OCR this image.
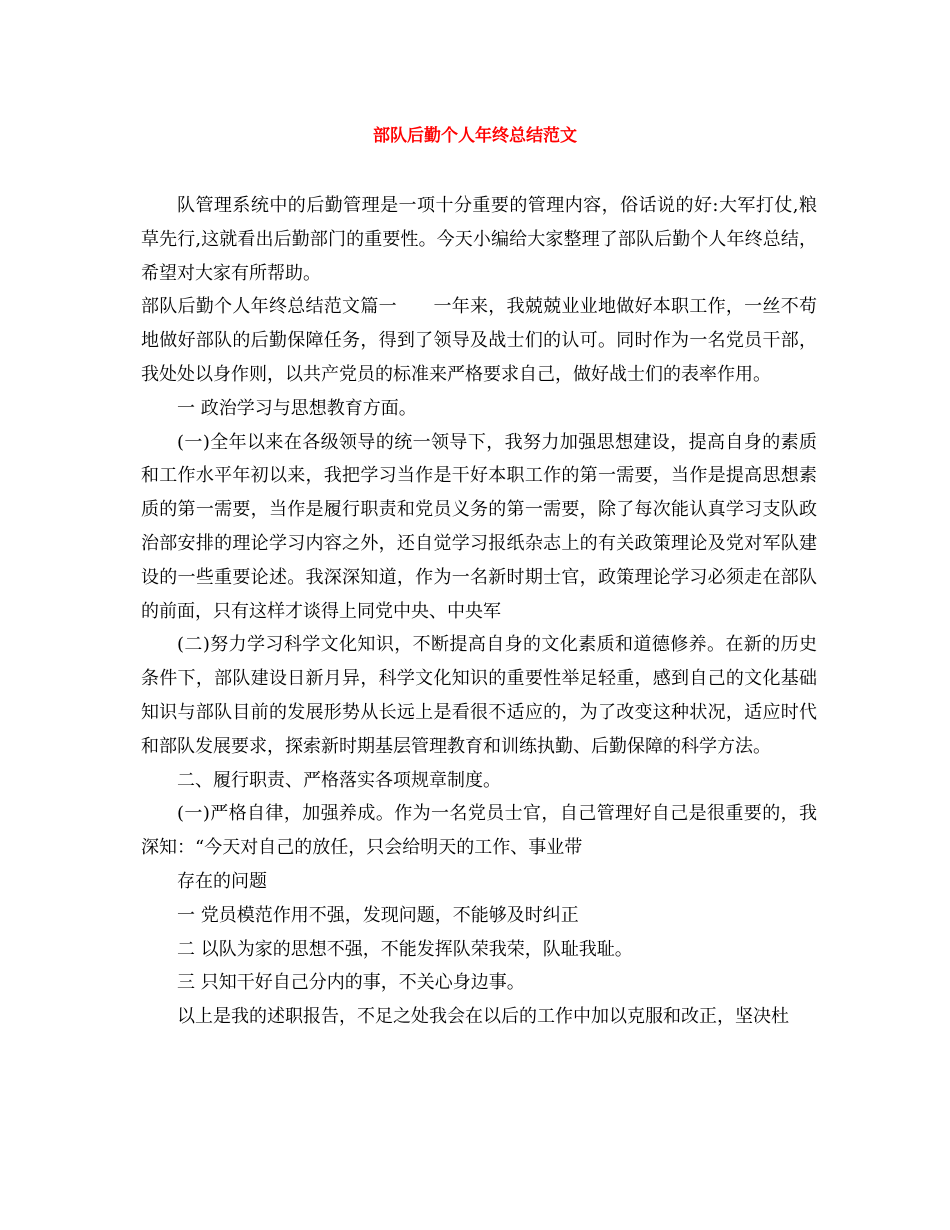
部队后勤个人年终总结范文

队管理系统中的后勤管理是一项十分重要的管理内容，俗话说的好:大军打仗,粮草先行,这就看出后勤部门的重要性。今天小编给大家整理了部队后勤个人年终总结，希望对大家有所帮助。

部队后勤个人年终总结范文篇一　　一年来，我兢兢业业地做好本职工作，一丝不苟地做好部队的后勤保障任务，得到了领导及战士们的认可。同时作为一名党员干部，我处处以身作则，以共产党员的标准来严格要求自己，做好战士们的表率作用。

一 政治学习与思想教育方面。

(一)全年以来在各级领导的统一领导下，我努力加强思想建设，提高自身的素质和工作水平年初以来，我把学习当作是干好本职工作的第一需要，当作是提高思想素质的第一需要，当作是履行职责和党员义务的第一需要，除了每次能认真学习支队政治部安排的理论学习内容之外，还自觉学习报纸杂志上的有关政策理论及党对军队建设的一些重要论述。我深深知道，作为一名新时期士官，政策理论学习必须走在部队的前面，只有这样才谈得上同党中央、中央军

(二)努力学习科学文化知识，不断提高自身的文化素质和道德修养。在新的历史条件下，部队建设日新月异，科学文化知识的重要性举足轻重，感到自己的文化基础知识与部队目前的发展形势从长远上是看很不适应的，为了改变这种状况，适应时代和部队发展要求，探索新时期基层管理教育和训练执勤、后勤保障的科学方法。

二、履行职责、严格落实各项规章制度。

(一)严格自律，加强养成。作为一名党员士官，自己管理好自己是很重要的，我深知：“今天对自己的放任，只会给明天的工作、事业带

存在的问题

一 党员模范作用不强，发现问题，不能够及时纠正

二 以队为家的思想不强，不能发挥队荣我荣，队耻我耻。

三 只知干好自己分内的事，不关心身边事。

以上是我的述职报告，不足之处我会在以后的工作中加以克服和改正，坚决杜
